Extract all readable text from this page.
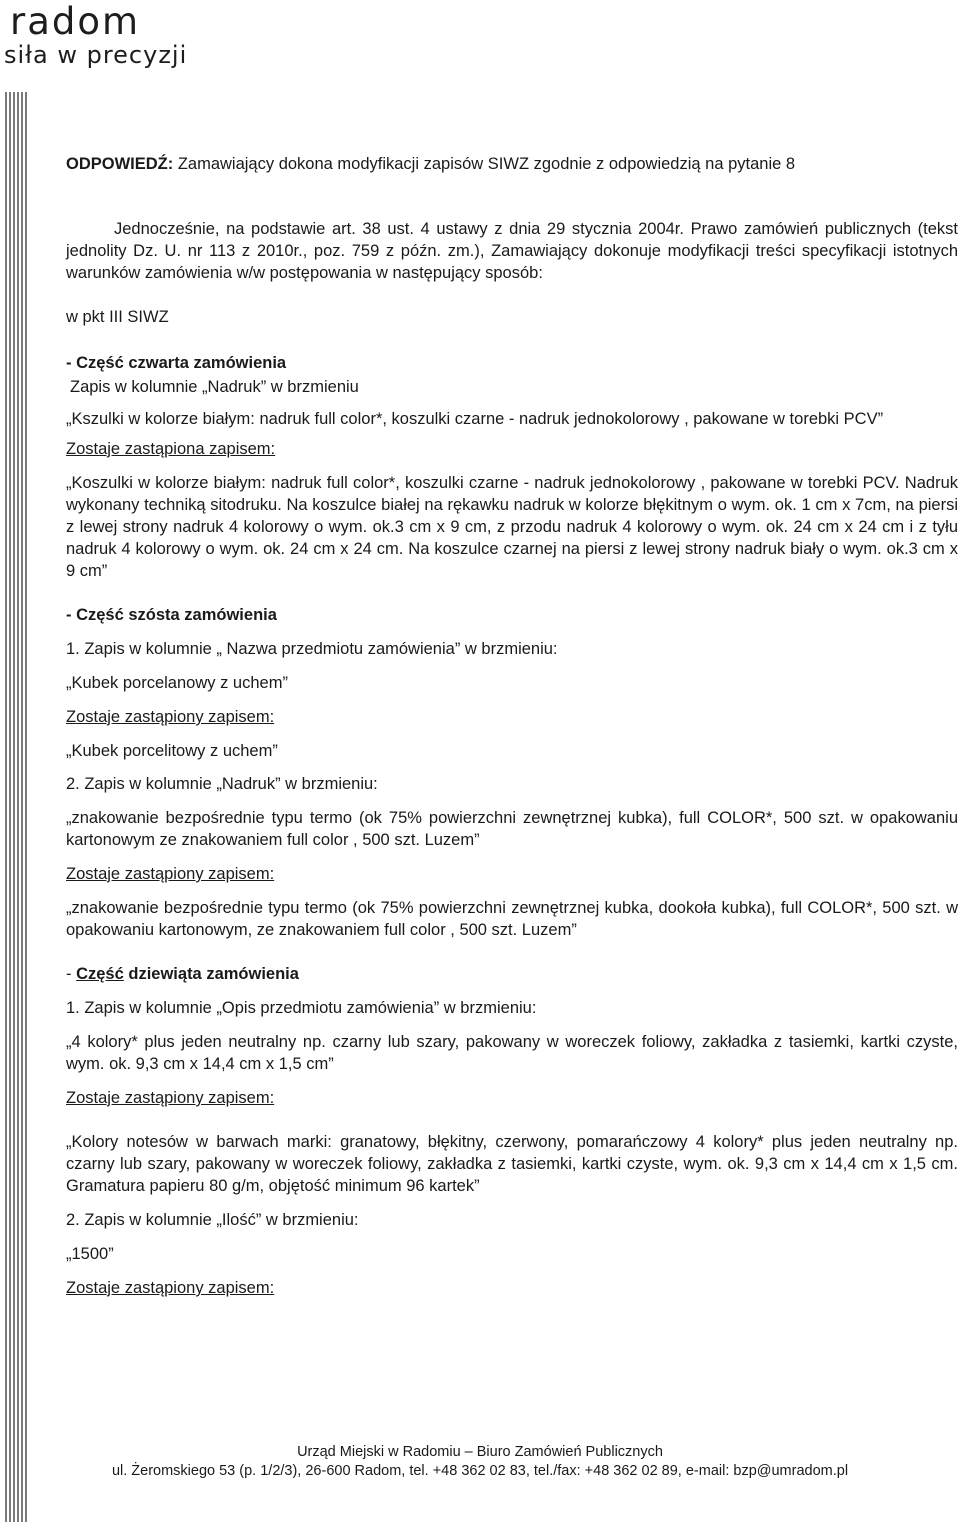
radom
siła w precyzji

ODPOWIEDŹ: Zamawiający dokona modyfikacji zapisów SIWZ zgodnie z odpowiedzią na pytanie 8

Jednocześnie, na podstawie art. 38 ust. 4 ustawy z dnia 29 stycznia 2004r. Prawo zamówień publicznych (tekst jednolity Dz. U. nr 113 z 2010r., poz. 759 z późn. zm.), Zamawiający dokonuje modyfikacji treści specyfikacji istotnych warunków zamówienia w/w postępowania w następujący sposób:

w pkt III SIWZ

- Część czwarta zamówienia

Zapis w kolumnie „Nadruk” w brzmieniu

„Kszulki w kolorze białym: nadruk full color*, koszulki czarne - nadruk jednokolorowy , pakowane w torebki PCV”

Zostaje zastąpiona zapisem:

„Koszulki w kolorze białym: nadruk full color*, koszulki czarne - nadruk jednokolorowy , pakowane w torebki PCV. Nadruk wykonany techniką sitodruku. Na koszulce białej na rękawku nadruk w kolorze błękitnym o wym. ok. 1 cm x 7cm, na piersi z lewej strony nadruk 4 kolorowy o wym. ok.3 cm x 9 cm, z przodu nadruk 4 kolorowy o wym. ok. 24 cm x 24 cm i z tyłu nadruk 4 kolorowy o wym. ok. 24 cm x 24 cm. Na koszulce czarnej na piersi z lewej strony nadruk biały o wym. ok.3 cm x 9 cm”

- Część szósta zamówienia

1. Zapis w kolumnie „ Nazwa przedmiotu zamówienia” w brzmieniu:

„Kubek porcelanowy z uchem”

Zostaje zastąpiony zapisem:

„Kubek porcelitowy z uchem”

2. Zapis w kolumnie „Nadruk” w brzmieniu:

„znakowanie bezpośrednie typu termo (ok 75% powierzchni zewnętrznej kubka), full COLOR*, 500 szt. w opakowaniu kartonowym ze znakowaniem full color , 500 szt. Luzem”

Zostaje zastąpiony zapisem:

„znakowanie bezpośrednie typu termo (ok 75% powierzchni zewnętrznej kubka, dookoła kubka), full COLOR*, 500 szt. w opakowaniu kartonowym, ze znakowaniem full color , 500 szt. Luzem”

- Część dziewiąta zamówienia

1. Zapis w kolumnie „Opis przedmiotu zamówienia” w brzmieniu:

„4 kolory* plus jeden neutralny np. czarny lub szary, pakowany w woreczek foliowy, zakładka z tasiemki, kartki czyste, wym. ok. 9,3 cm x 14,4 cm x 1,5 cm”

Zostaje zastąpiony zapisem:

„Kolory notesów w barwach marki: granatowy, błękitny, czerwony, pomarańczowy 4 kolory* plus jeden neutralny np. czarny lub szary, pakowany w woreczek foliowy, zakładka z tasiemki, kartki czyste, wym. ok. 9,3 cm x 14,4 cm x 1,5 cm. Gramatura papieru 80 g/m, objętość minimum 96 kartek”

2. Zapis w kolumnie „Ilość” w brzmieniu:

„1500”

Zostaje zastąpiony zapisem:

Urząd Miejski w Radomiu – Biuro Zamówień Publicznych
ul. Żeromskiego 53 (p. 1/2/3), 26-600 Radom, tel. +48 362 02 83, tel./fax: +48 362 02 89, e-mail: bzp@umradom.pl
